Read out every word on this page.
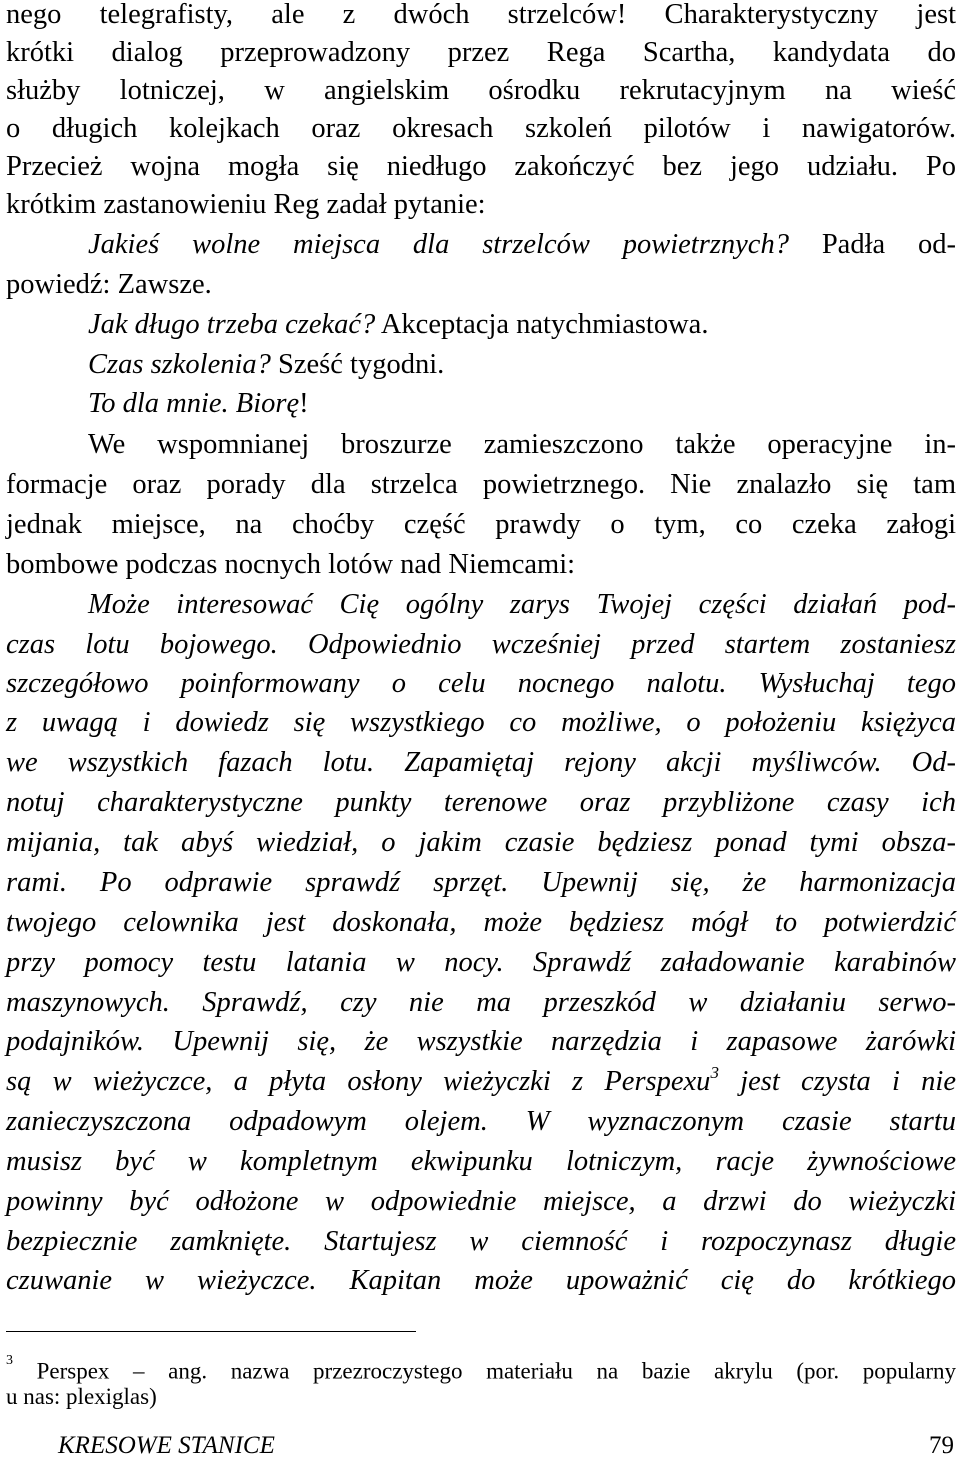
nego telegrafisty, ale z dwóch strzelców! Charakterystyczny jest
krótki dialog przeprowadzony przez Rega Scartha, kandydata do
służby lotniczej, w angielskim ośrodku rekrutacyjnym na wieść
o długich kolejkach oraz okresach szkoleń pilotów i nawigatorów.
Przecież wojna mogła się niedługo zakończyć bez jego udziału. Po
krótkim zastanowieniu Reg zadał pytanie:
Jakieś wolne miejsca dla strzelców powietrznych? Padła od-
powiedź: Zawsze.
Jak długo trzeba czekać? Akceptacja natychmiastowa.
Czas szkolenia? Sześć tygodni.
To dla mnie. Biorę!
We wspomnianej broszurze zamieszczono także operacyjne in-
formacje oraz porady dla strzelca powietrznego. Nie znalazło się tam
jednak miejsce, na choćby część prawdy o tym, co czeka załogi
bombowe podczas nocnych lotów nad Niemcami:
Może interesować Cię ogólny zarys Twojej części działań pod-
czas lotu bojowego. Odpowiednio wcześniej przed startem zostaniesz
szczegółowo poinformowany o celu nocnego nalotu. Wysłuchaj tego
z uwagą i dowiedz się wszystkiego co możliwe, o położeniu księżyca
we wszystkich fazach lotu. Zapamiętaj rejony akcji myśliwców. Od-
notuj charakterystyczne punkty terenowe oraz przybliżone czasy ich
mijania, tak abyś wiedział, o jakim czasie będziesz ponad tymi obsza-
rami. Po odprawie sprawdź sprzęt. Upewnij się, że harmonizacja
twojego celownika jest doskonała, może będziesz mógł to potwierdzić
przy pomocy testu latania w nocy. Sprawdź załadowanie karabinów
maszynowych. Sprawdź, czy nie ma przeszkód w działaniu serwo-
podajników. Upewnij się, że wszystkie narzędzia i zapasowe żarówki
są w wieżyczce, a płyta osłony wieżyczki z Perspexu$^3$ jest czysta i nie
zanieczyszczona odpadowym olejem. W wyznaczonym czasie startu
musisz być w kompletnym ekwipunku lotniczym, racje żywnościowe
powinny być odłożone w odpowiednie miejsce, a drzwi do wieżyczki
bezpiecznie zamknięte. Startujesz w ciemność i rozpoczynasz długie
czuwanie w wieżyczce. Kapitan może upoważnić cię do krótkiego
$^3$ Perspex – ang. nazwa przezroczystego materiału na bazie akrylu (por. popularny
u nas: plexiglas)
KRESOWE STANICE	79
